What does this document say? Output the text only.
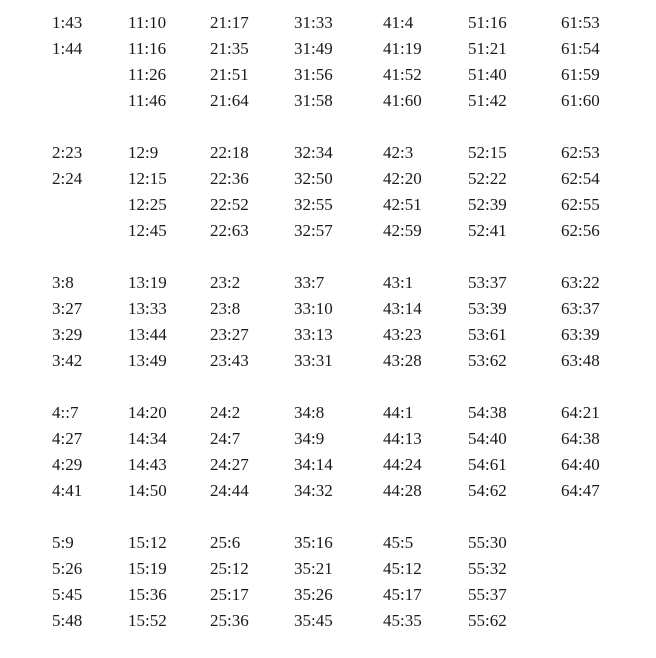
1:43
1:44
11:10
11:16
11:26
11:46
21:17
21:35
21:51
21:64
31:33
31:49
31:56
31:58
41:4
41:19
41:52
41:60
51:16
51:21
51:40
51:42
61:53
61:54
61:59
61:60
2:23
2:24
12:9
12:15
12:25
12:45
22:18
22:36
22:52
22:63
32:34
32:50
32:55
32:57
42:3
42:20
42:51
42:59
52:15
52:22
52:39
52:41
62:53
62:54
62:55
62:56
3:8
3:27
3:29
3:42
13:19
13:33
13:44
13:49
23:2
23:8
23:27
23:43
33:7
33:10
33:13
33:31
43:1
43:14
43:23
43:28
53:37
53:39
53:61
53:62
63:22
63:37
63:39
63:48
4::7
4:27
4:29
4:41
14:20
14:34
14:43
14:50
24:2
24:7
24:27
24:44
34:8
34:9
34:14
34:32
44:1
44:13
44:24
44:28
54:38
54:40
54:61
54:62
64:21
64:38
64:40
64:47
5:9
5:26
5:45
5:48
15:12
15:19
15:36
15:52
25:6
25:12
25:17
25:36
35:16
35:21
35:26
35:45
45:5
45:12
45:17
45:35
55:30
55:32
55:37
55:62
